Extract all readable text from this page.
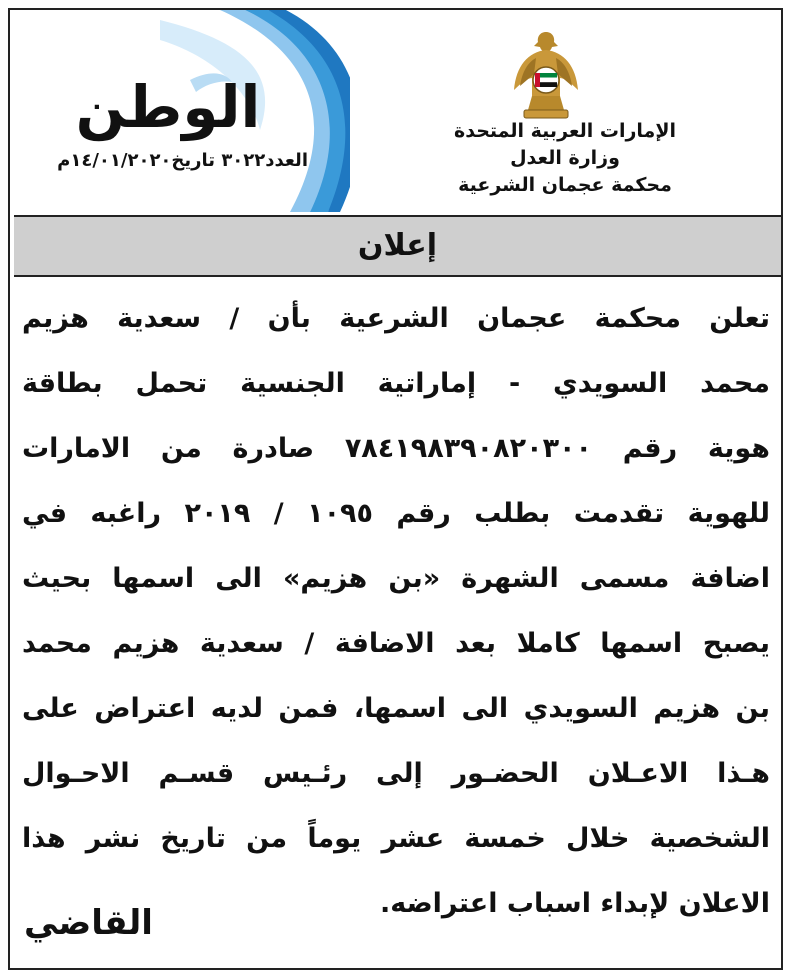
الوطن
العدد٣٠٢٢ تاريخ١٤/٠١/٢٠٢٠م
الإمارات العربية المتحدة
وزارة العدل
محكمة عجمان الشرعية
إعلان
تعلن محكمة عجمان الشرعية بأن / سعدية هزيم
محمد السويدي - إماراتية الجنسية تحمل بطاقة
هوية رقم ٧٨٤١٩٨٣٩٠٨٢٠٣٠٠ صادرة من الامارات
للهوية تقدمت بطلب رقم ١٠٩٥ / ٢٠١٩ راغبه في
اضافة مسمى الشهرة «بن هزيم» الى اسمها بحيث
يصبح اسمها كاملا بعد الاضافة / سعدية هزيم محمد
بن هزيم السويدي الى اسمها، فمن لديه اعتراض على
هـذا الاعـلان الحضـور إلى رئـيس قسـم الاحـوال
الشخصية خلال خمسة عشر يوماً من تاريخ نشر هذا
الاعلان لإبداء اسباب اعتراضه.
القاضي
